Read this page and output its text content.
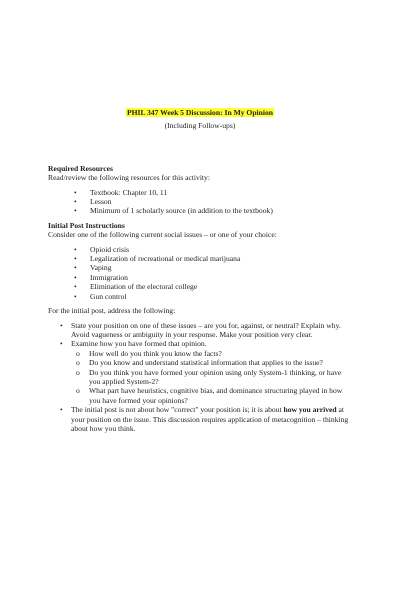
PHIL 347 Week 5 Discussion: In My Opinion
(Including Follow-ups)
Required Resources
Read/review the following resources for this activity:
• Textbook: Chapter 10, 11
• Lesson
• Minimum of 1 scholarly source (in addition to the textbook)
Initial Post Instructions
Consider one of the following current social issues – or one of your choice:
• Opioid crisis
• Legalization of recreational or medical marijuana
• Vaping
• Immigration
• Elimination of the electoral college
• Gun control
For the initial post, address the following:
• State your position on one of these issues – are you for, against, or neutral? Explain why. Avoid vagueness or ambiguity in your response. Make your position very clear.
• Examine how you have formed that opinion.
o How well do you think you know the facts?
o Do you know and understand statistical information that applies to the issue?
o Do you think you have formed your opinion using only System-1 thinking, or have you applied System-2?
o What part have heuristics, cognitive bias, and dominance structuring played in how you have formed your opinions?
• The initial post is not about how "correct" your position is; it is about how you arrived at your position on the issue. This discussion requires application of metacognition – thinking about how you think.
